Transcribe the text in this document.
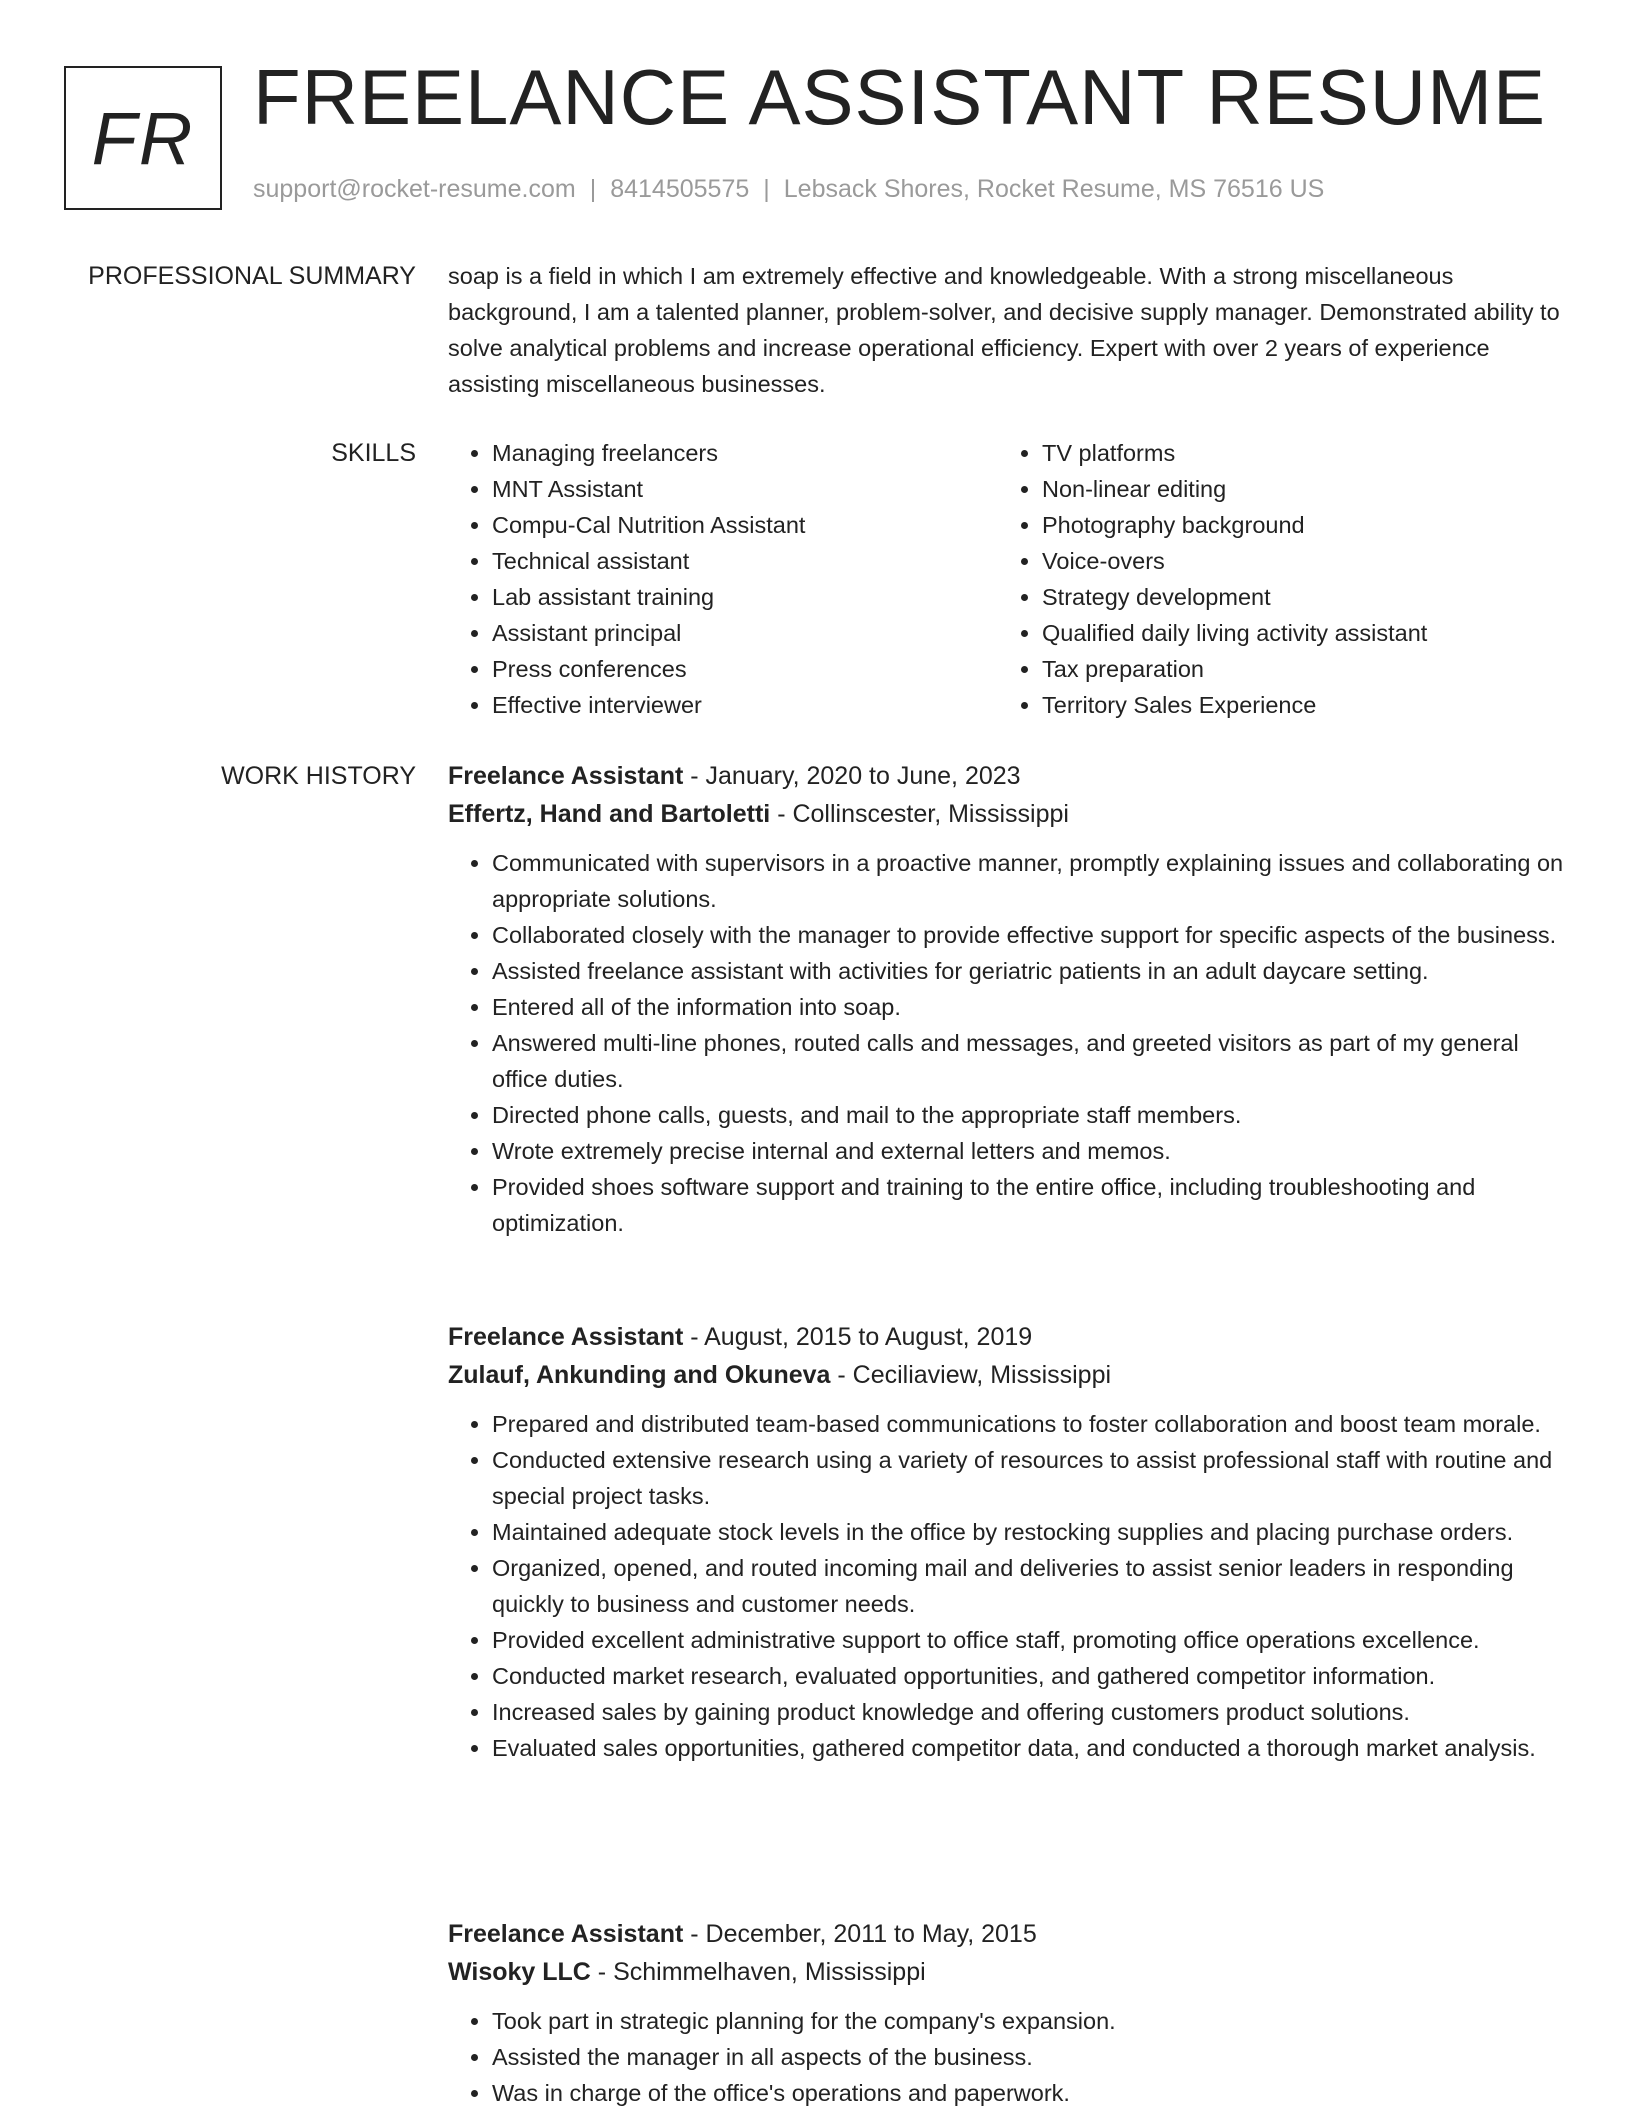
FR FREELANCE ASSISTANT RESUME
support@rocket-resume.com | 8414505575 | Lebsack Shores, Rocket Resume, MS 76516 US
PROFESSIONAL SUMMARY soap is a field in which I am extremely effective and knowledgeable. With a strong miscellaneous background, I am a talented planner, problem-solver, and decisive supply manager. Demonstrated ability to solve analytical problems and increase operational efficiency. Expert with over 2 years of experience assisting miscellaneous businesses.
SKILLS
•	Managing freelancers
• MNT Assistant
• Compu-Cal Nutrition Assistant
• Technical assistant
• Lab assistant training
• Assistant principal
• Press conferences
• Effective interviewer
• TV platforms
• Non-linear editing
• Photography background
• Voice-overs
• Strategy development
• Qualified daily living activity assistant
• Tax preparation
• Territory Sales Experience
WORK HISTORY Freelance Assistant - January, 2020 to June, 2023
Effertz, Hand and Bartoletti - Collinscester, Mississippi
• Communicated with supervisors in a proactive manner, promptly explaining issues and collaborating on appropriate solutions.
• Collaborated closely with the manager to provide effective support for specific aspects of the business.
• Assisted freelance assistant with activities for geriatric patients in an adult daycare setting.
• Entered all of the information into soap.
• Answered multi-line phones, routed calls and messages, and greeted visitors as part of my general office duties.
• Directed phone calls, guests, and mail to the appropriate staff members.
• Wrote extremely precise internal and external letters and memos.
• Provided shoes software support and training to the entire office, including troubleshooting and optimization.
Freelance Assistant - August, 2015 to August, 2019
Zulauf, Ankunding and Okuneva - Ceciliaview, Mississippi
• Prepared and distributed team-based communications to foster collaboration and boost team morale.
• Conducted extensive research using a variety of resources to assist professional staff with routine and special project tasks.
• Maintained adequate stock levels in the office by restocking supplies and placing purchase orders.
• Organized, opened, and routed incoming mail and deliveries to assist senior leaders in responding quickly to business and customer needs.
• Provided excellent administrative support to office staff, promoting office operations excellence.
• Conducted market research, evaluated opportunities, and gathered competitor information.
• Increased sales by gaining product knowledge and offering customers product solutions.
• Evaluated sales opportunities, gathered competitor data, and conducted a thorough market analysis.
Freelance Assistant - December, 2011 to May, 2015
Wisoky LLC - Schimmelhaven, Mississippi
• Took part in strategic planning for the company's expansion.
• Assisted the manager in all aspects of the business.
• Was in charge of the office's operations and paperwork.
